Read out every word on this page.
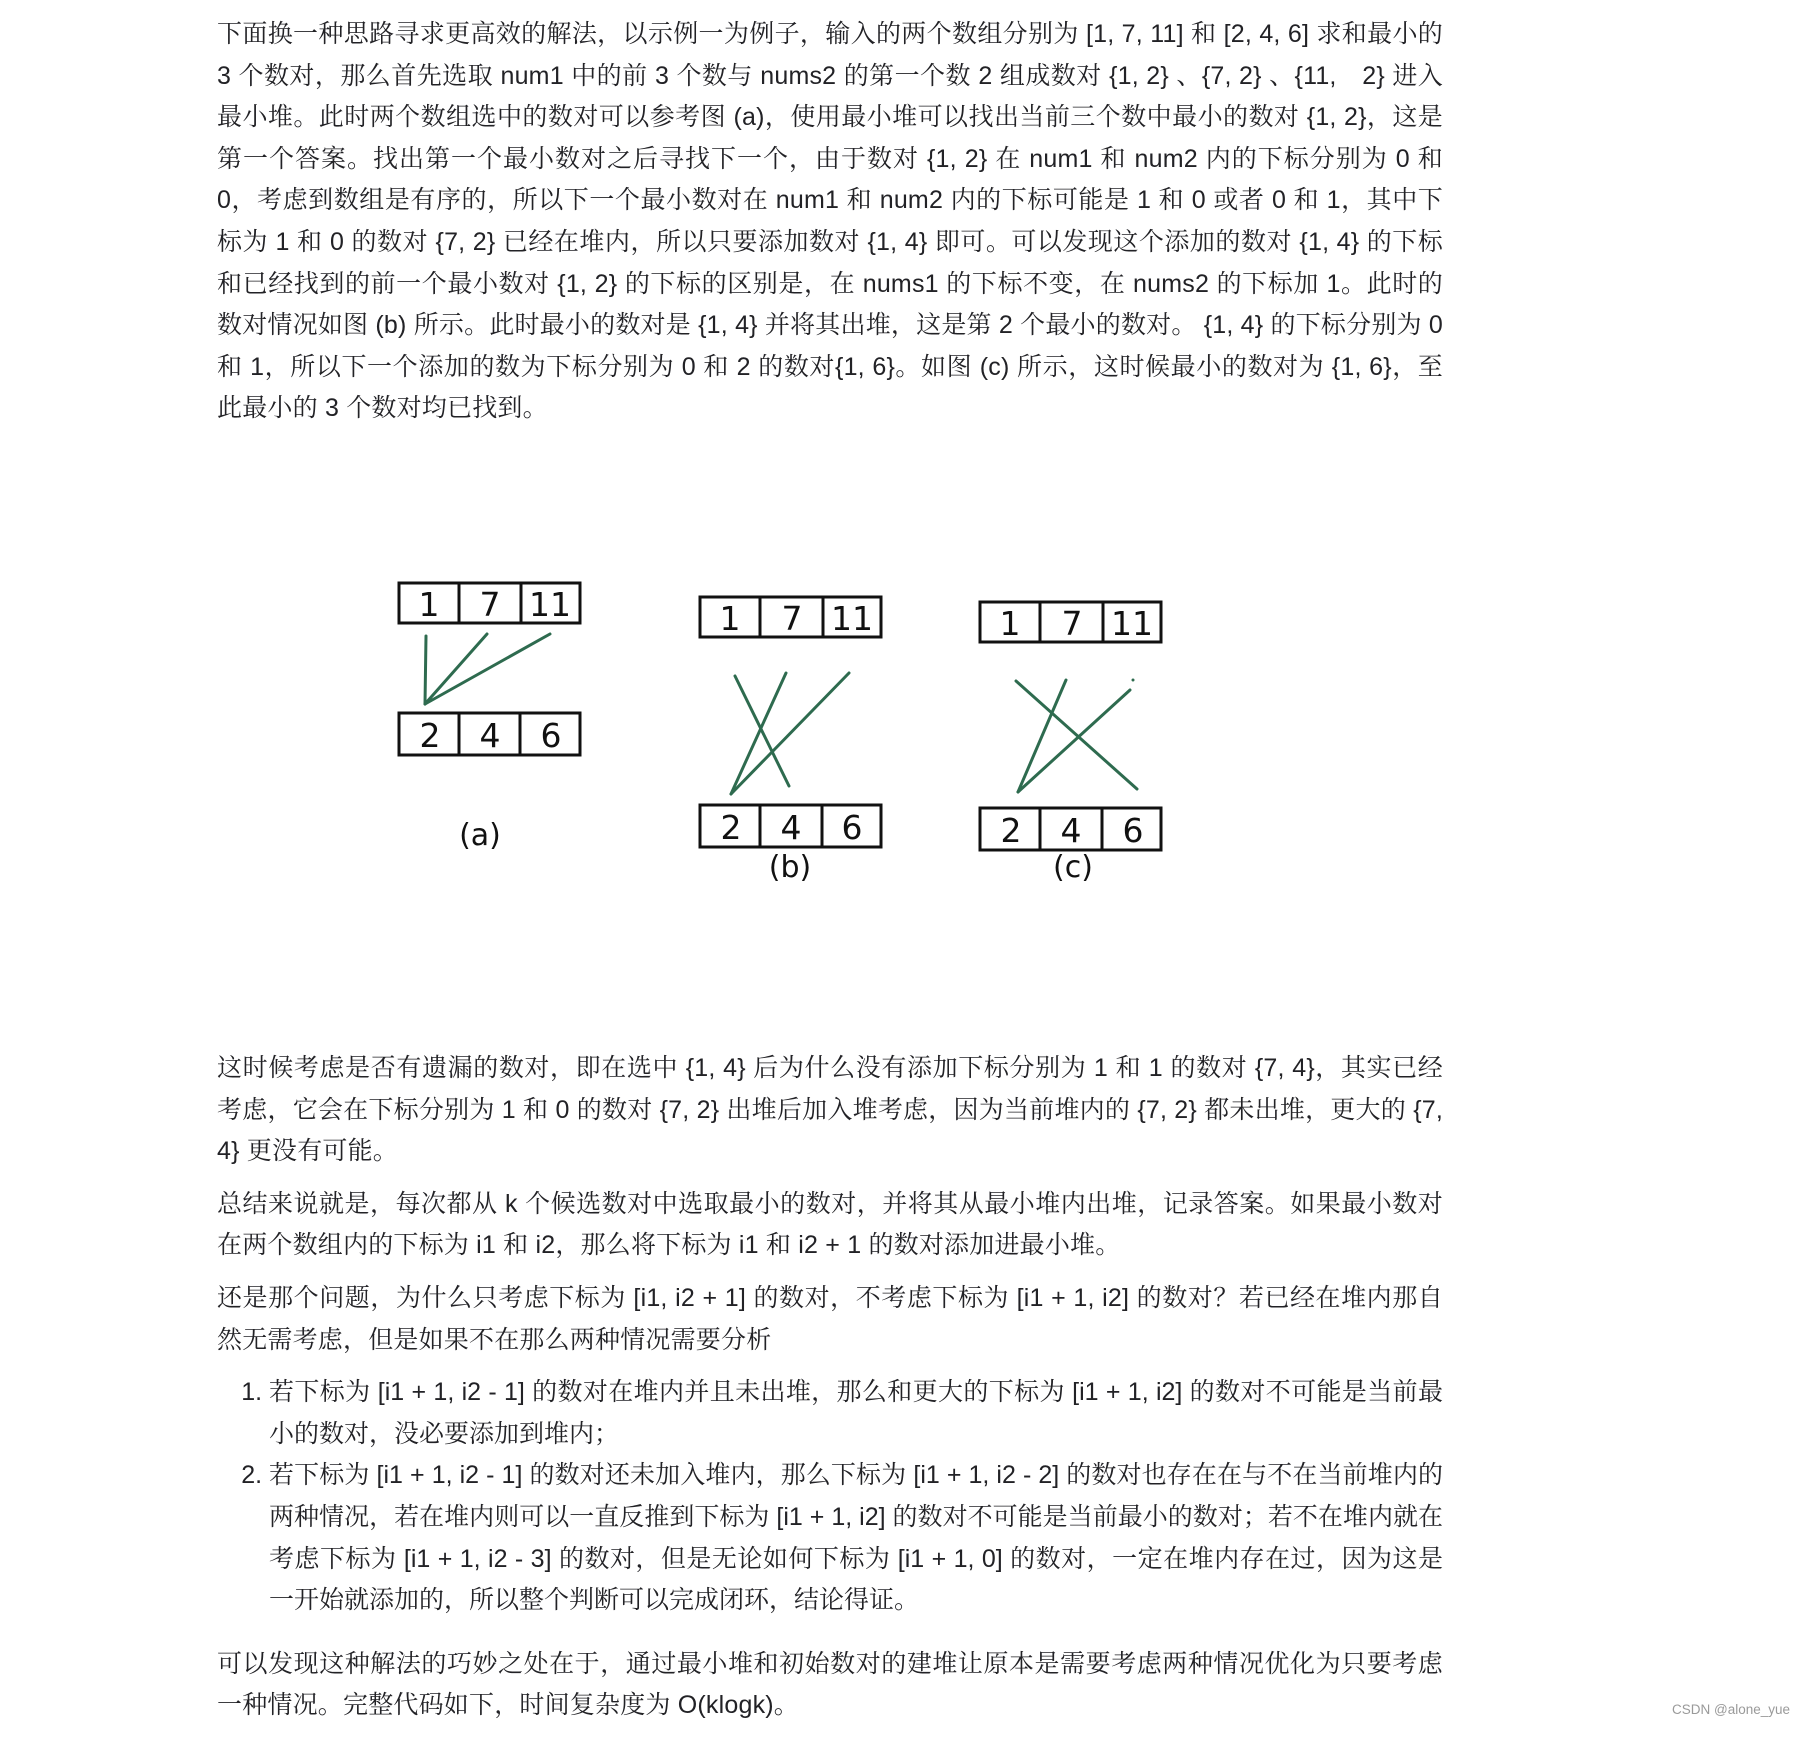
下面换一种思路寻求更高效的解法，以示例一为例子，输入的两个数组分别为 [1, 7, 11] 和 [2, 4, 6] 求和最小的 3 个数对，那么首先选取 num1 中的前 3 个数与 nums2 的第一个数 2 组成数对 {1, 2} 、{7, 2} 、{11,　2} 进入最小堆。此时两个数组选中的数对可以参考图 (a)，使用最小堆可以找出当前三个数中最小的数对 {1, 2}，这是第一个答案。找出第一个最小数对之后寻找下一个，由于数对 {1, 2} 在 num1 和 num2 内的下标分别为 0 和 0，考虑到数组是有序的，所以下一个最小数对在 num1 和 num2 内的下标可能是 1 和 0 或者 0 和 1，其中下标为 1 和 0 的数对 {7, 2} 已经在堆内，所以只要添加数对 {1, 4} 即可。可以发现这个添加的数对 {1, 4} 的下标和已经找到的前一个最小数对 {1, 2} 的下标的区别是，在 nums1 的下标不变，在 nums2 的下标加 1。此时的数对情况如图 (b) 所示。此时最小的数对是 {1, 4} 并将其出堆，这是第 2 个最小的数对。 {1, 4} 的下标分别为 0 和 1，所以下一个添加的数为下标分别为 0 和 2 的数对{1, 6}。如图 (c) 所示，这时候最小的数对为 {1, 6}，至此最小的 3 个数对均已找到。

1 7 11
2 4 6
(a)
1 7 11
2 4 6
(b)
1 7 11
2 4 6
(c)

这时候考虑是否有遗漏的数对，即在选中 {1, 4} 后为什么没有添加下标分别为 1 和 1 的数对 {7, 4}，其实已经考虑，它会在下标分别为 1 和 0 的数对 {7, 2} 出堆后加入堆考虑，因为当前堆内的 {7, 2} 都未出堆，更大的 {7, 4} 更没有可能。

总结来说就是，每次都从 k 个候选数对中选取最小的数对，并将其从最小堆内出堆，记录答案。如果最小数对在两个数组内的下标为 i1 和 i2，那么将下标为 i1 和 i2 + 1 的数对添加进最小堆。

还是那个问题，为什么只考虑下标为 [i1, i2 + 1] 的数对，不考虑下标为 [i1 + 1, i2] 的数对？若已经在堆内那自然无需考虑，但是如果不在那么两种情况需要分析

1. 若下标为 [i1 + 1, i2 - 1] 的数对在堆内并且未出堆，那么和更大的下标为 [i1 + 1, i2] 的数对不可能是当前最小的数对，没必要添加到堆内；
2. 若下标为 [i1 + 1, i2 - 1] 的数对还未加入堆内，那么下标为 [i1 + 1, i2 - 2] 的数对也存在在与不在当前堆内的两种情况，若在堆内则可以一直反推到下标为 [i1 + 1, i2] 的数对不可能是当前最小的数对；若不在堆内就在考虑下标为 [i1 + 1, i2 - 3] 的数对，但是无论如何下标为 [i1 + 1, 0] 的数对，一定在堆内存在过，因为这是一开始就添加的，所以整个判断可以完成闭环，结论得证。

可以发现这种解法的巧妙之处在于，通过最小堆和初始数对的建堆让原本是需要考虑两种情况优化为只要考虑一种情况。完整代码如下，时间复杂度为 O(klogk)。	CSDN @alone_yue
